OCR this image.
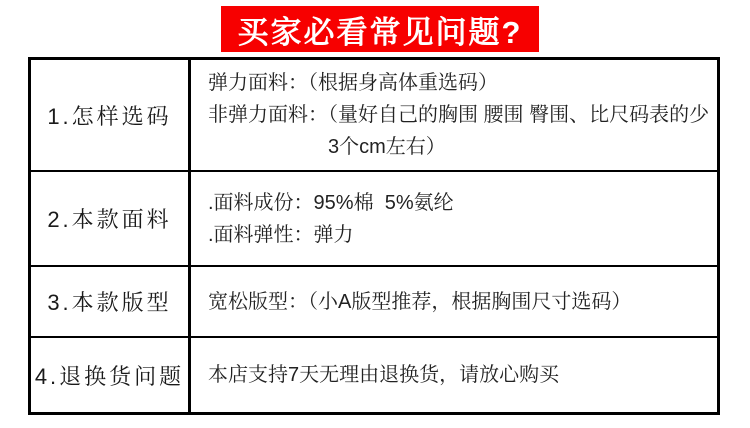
买家必看常见问题?
1.怎样选码
弹力面料：（根据身高体重选码）
非弹力面料：（量好自己的胸围 腰围 臀围、比尺码表的少
3个cm左右）
2.本款面料
.面料成份：95%棉  5%氨纶
.面料弹性：弹力
3.本款版型 宽松版型：（小A版型推荐，根据胸围尺寸选码）
4.退换货问题 本店支持7天无理由退换货，请放心购买
